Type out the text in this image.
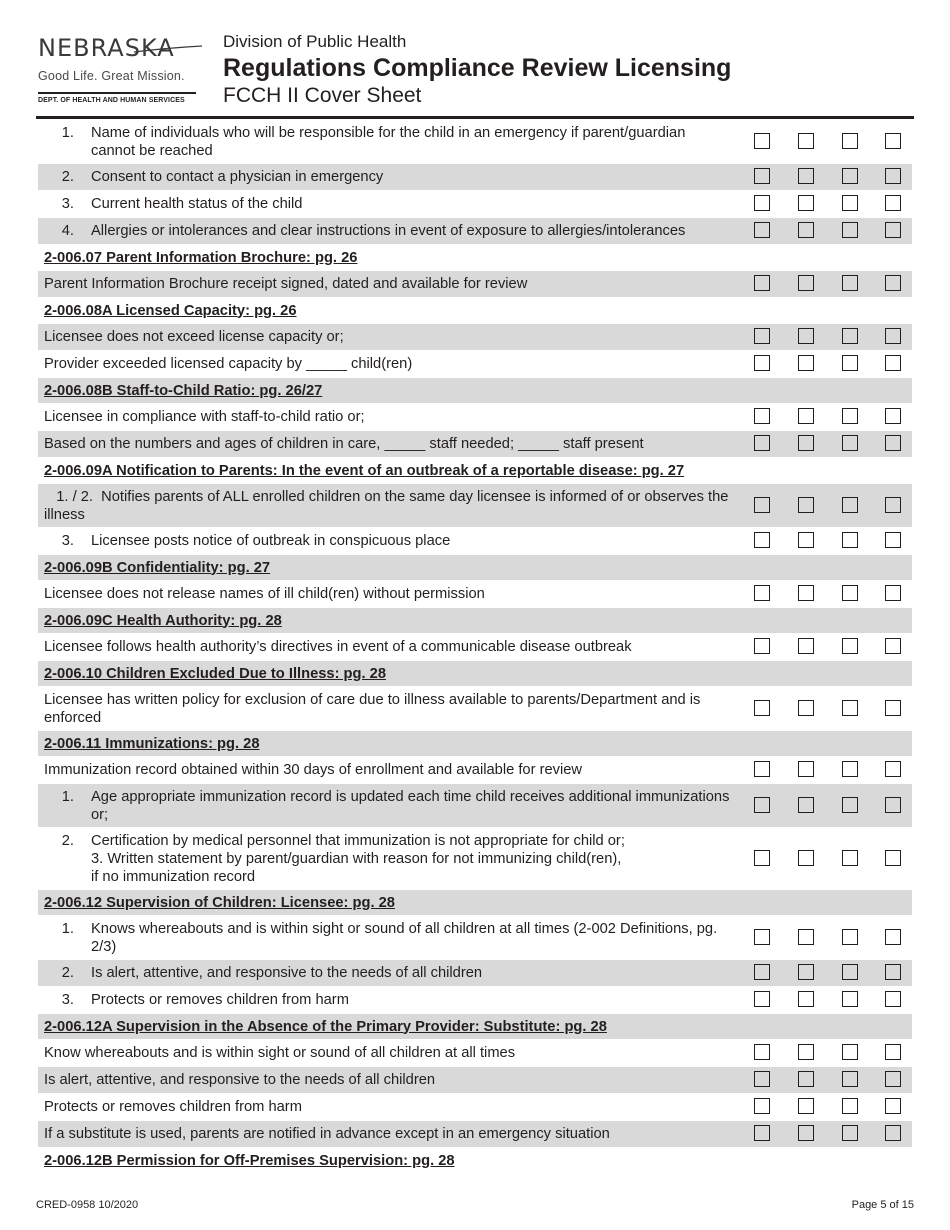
NEBRASKA
Good Life. Great Mission.
DEPT. OF HEALTH AND HUMAN SERVICES
Division of Public Health
Regulations Compliance Review Licensing
FCCH II Cover Sheet
1. Name of individuals who will be responsible for the child in an emergency if parent/guardian cannot be reached
2. Consent to contact a physician in emergency
3. Current health status of the child
4. Allergies or intolerances and clear instructions in event of exposure to allergies/intolerances
2-006.07 Parent Information Brochure: pg. 26
Parent Information Brochure receipt signed, dated and available for review
2-006.08A Licensed Capacity: pg. 26
Licensee does not exceed license capacity or;
Provider exceeded licensed capacity by _____ child(ren)
2-006.08B Staff-to-Child Ratio: pg. 26/27
Licensee in compliance with staff-to-child ratio or;
Based on the numbers and ages of children in care, _____ staff needed; _____ staff present
2-006.09A Notification to Parents: In the event of an outbreak of a reportable disease: pg. 27
1. / 2.  Notifies parents of ALL enrolled children on the same day licensee is informed of or observes the illness
3. Licensee posts notice of outbreak in conspicuous place
2-006.09B Confidentiality: pg. 27
Licensee does not release names of ill child(ren) without permission
2-006.09C Health Authority: pg. 28
Licensee follows health authority’s directives in event of a communicable disease outbreak
2-006.10 Children Excluded Due to Illness: pg. 28
Licensee has written policy for exclusion of care due to illness available to parents/Department and is enforced
2-006.11 Immunizations: pg. 28
Immunization record obtained within 30 days of enrollment and available for review
1. Age appropriate immunization record is updated each time child receives additional immunizations or;
2. Certification by medical personnel that immunization is not appropriate for child or;
3. Written statement by parent/guardian with reason for not immunizing child(ren),
if no immunization record
2-006.12 Supervision of Children: Licensee: pg. 28
1. Knows whereabouts and is within sight or sound of all children at all times (2-002 Definitions, pg. 2/3)
2. Is alert, attentive, and responsive to the needs of all children
3. Protects or removes children from harm
2-006.12A Supervision in the Absence of the Primary Provider: Substitute: pg. 28
Know whereabouts and is within sight or sound of all children at all times
Is alert, attentive, and responsive to the needs of all children
Protects or removes children from harm
If a substitute is used, parents are notified in advance except in an emergency situation
2-006.12B Permission for Off-Premises Supervision: pg. 28
CRED-0958 10/2020	Page 5 of 15
